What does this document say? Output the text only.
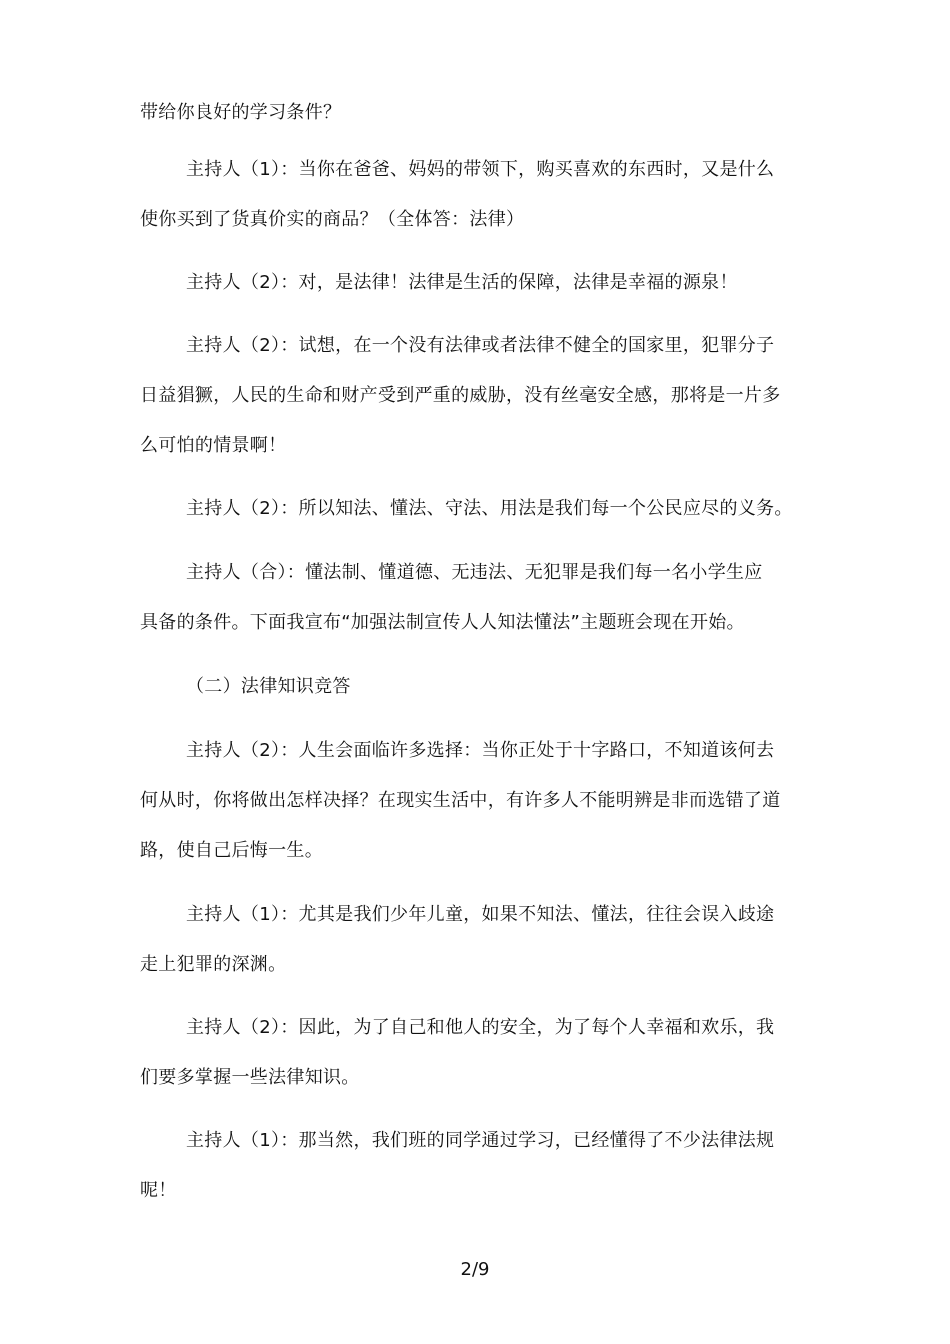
带给你良好的学习条件？
主持人（1）：当你在爸爸、妈妈的带领下，购买喜欢的东西时，又是什么
使你买到了货真价实的商品？（全体答：法律）
主持人（2）：对，是法律！法律是生活的保障，法律是幸福的源泉！
主持人（2）：试想，在一个没有法律或者法律不健全的国家里，犯罪分子
日益猖獗，人民的生命和财产受到严重的威胁，没有丝毫安全感，那将是一片多
么可怕的情景啊！
主持人（2）：所以知法、懂法、守法、用法是我们每一个公民应尽的义务。
主持人（合）：懂法制、懂道德、无违法、无犯罪是我们每一名小学生应
具备的条件。下面我宣布“加强法制宣传人人知法懂法”主题班会现在开始。
（二）法律知识竞答
主持人（2）：人生会面临许多选择：当你正处于十字路口，不知道该何去
何从时，你将做出怎样决择？在现实生活中，有许多人不能明辨是非而选错了道
路，使自己后悔一生。
主持人（1）：尤其是我们少年儿童，如果不知法、懂法，往往会误入歧途
走上犯罪的深渊。
主持人（2）：因此，为了自己和他人的安全，为了每个人幸福和欢乐，我
们要多掌握一些法律知识。
主持人（1）：那当然，我们班的同学通过学习，已经懂得了不少法律法规
呢！
2/9
